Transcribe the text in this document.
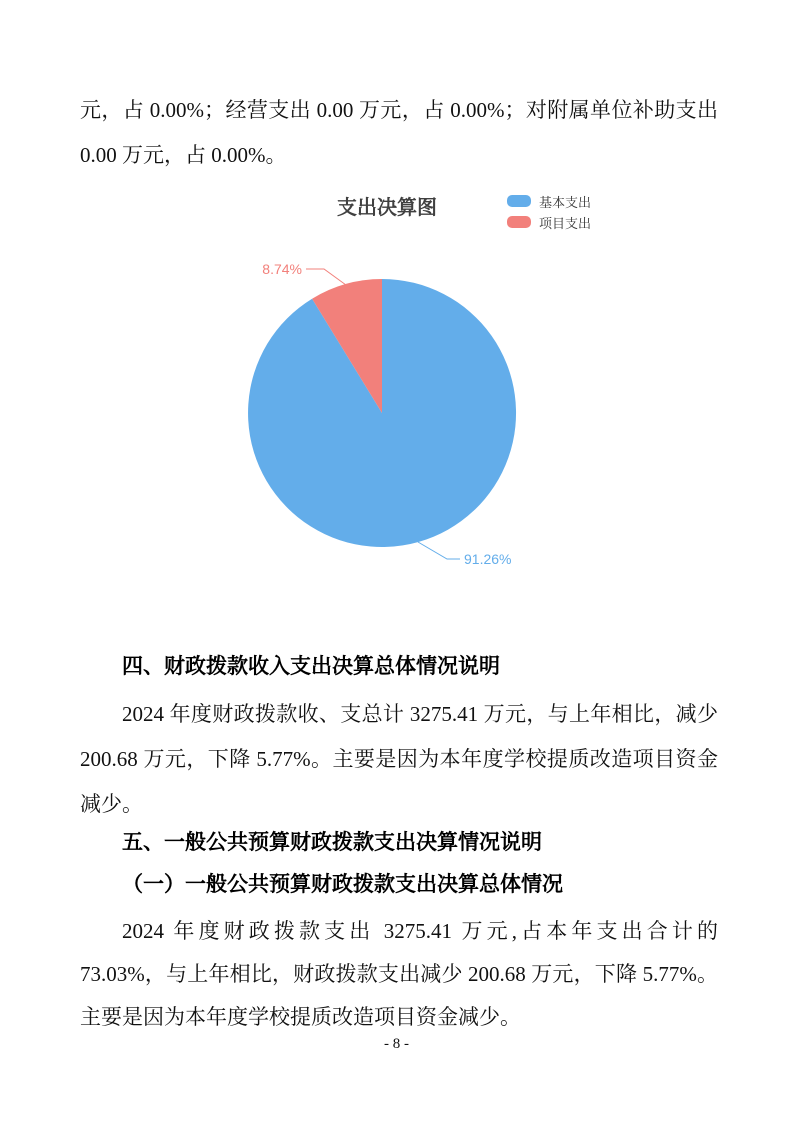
元，占 0.00%；经营支出 0.00 万元，占 0.00%；对附属单位补助支出 0.00 万元，占 0.00%。
支出决算图	基本支出
项目支出
8.74%
91.26%
四、财政拨款收入支出决算总体情况说明
2024 年度财政拨款收、支总计 3275.41 万元，与上年相比，减少 200.68 万元，下降 5.77%。主要是因为本年度学校提质改造项目资金减少。
五、一般公共预算财政拨款支出决算情况说明
（一）一般公共预算财政拨款支出决算总体情况
2024 年度财政拨款支出 3275.41 万元,占本年支出合计的 73.03%，与上年相比，财政拨款支出减少 200.68 万元，下降 5.77%。主要是因为本年度学校提质改造项目资金减少。
- 8 -
